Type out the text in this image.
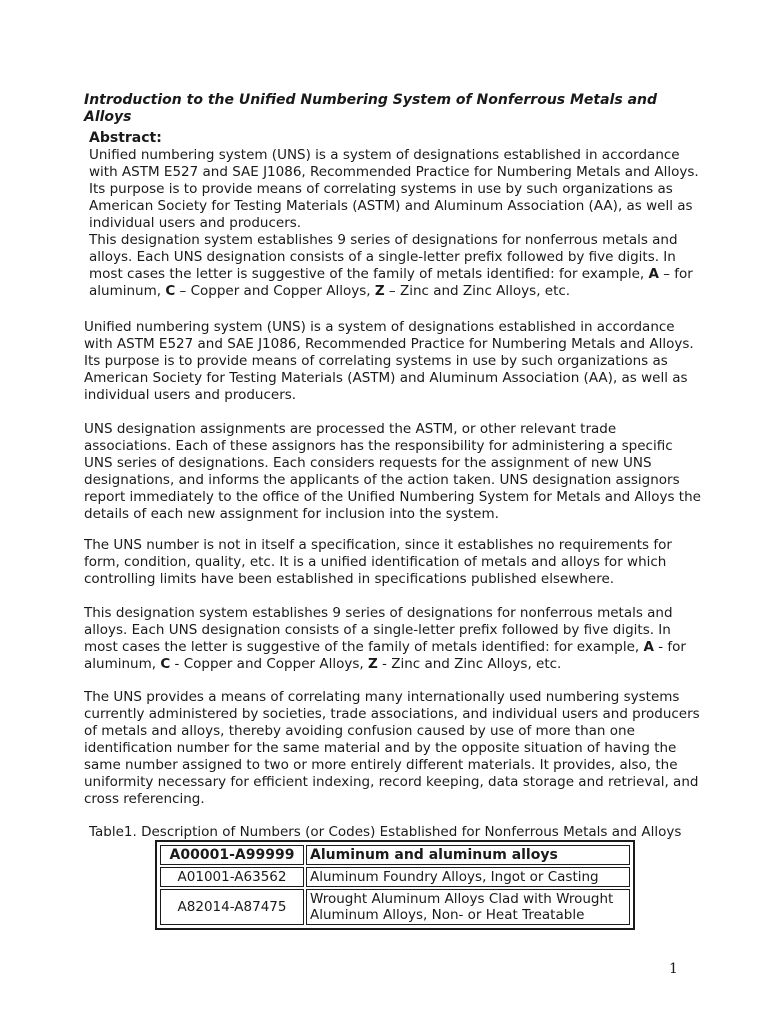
Introduction to the Unified Numbering System of Nonferrous Metals and Alloys
Abstract:

Unified numbering system (UNS) is a system of designations established in accordance with ASTM E527 and SAE J1086, Recommended Practice for Numbering Metals and Alloys. Its purpose is to provide means of correlating systems in use by such organizations as American Society for Testing Materials (ASTM) and Aluminum Association (AA), as well as individual users and producers.

This designation system establishes 9 series of designations for nonferrous metals and alloys. Each UNS designation consists of a single-letter prefix followed by five digits. In most cases the letter is suggestive of the family of metals identified: for example, A – for aluminum, C – Copper and Copper Alloys, Z – Zinc and Zinc Alloys, etc.

Unified numbering system (UNS) is a system of designations established in accordance with ASTM E527 and SAE J1086, Recommended Practice for Numbering Metals and Alloys. Its purpose is to provide means of correlating systems in use by such organizations as American Society for Testing Materials (ASTM) and Aluminum Association (AA), as well as individual users and producers.

UNS designation assignments are processed the ASTM, or other relevant trade associations. Each of these assignors has the responsibility for administering a specific UNS series of designations. Each considers requests for the assignment of new UNS designations, and informs the applicants of the action taken. UNS designation assignors report immediately to the office of the Unified Numbering System for Metals and Alloys the details of each new assignment for inclusion into the system.

The UNS number is not in itself a specification, since it establishes no requirements for form, condition, quality, etc. It is a unified identification of metals and alloys for which controlling limits have been established in specifications published elsewhere.

This designation system establishes 9 series of designations for nonferrous metals and alloys. Each UNS designation consists of a single-letter prefix followed by five digits. In most cases the letter is suggestive of the family of metals identified: for example, A - for aluminum, C - Copper and Copper Alloys, Z - Zinc and Zinc Alloys, etc.

The UNS provides a means of correlating many internationally used numbering systems currently administered by societies, trade associations, and individual users and producers of metals and alloys, thereby avoiding confusion caused by use of more than one identification number for the same material and by the opposite situation of having the same number assigned to two or more entirely different materials. It provides, also, the uniformity necessary for efficient indexing, record keeping, data storage and retrieval, and cross referencing.

Table1. Description of Numbers (or Codes) Established for Nonferrous Metals and Alloys

A00001-A99999	Aluminum and aluminum alloys
A01001-A63562	Aluminum Foundry Alloys, Ingot or Casting
A82014-A87475	Wrought Aluminum Alloys Clad with Wrought Aluminum Alloys, Non- or Heat Treatable
1
